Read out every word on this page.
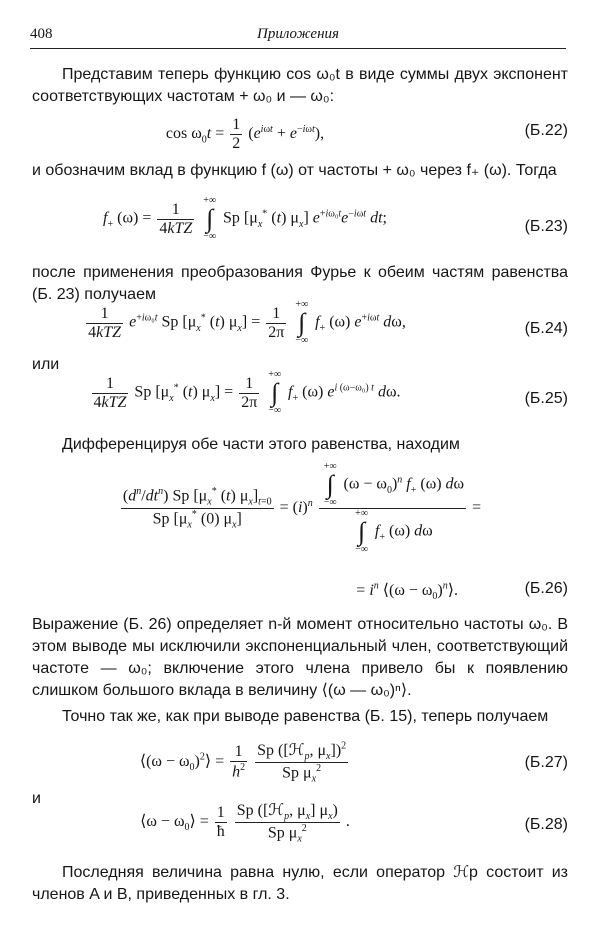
408	Приложения
Представим теперь функцию cos ω₀t в виде суммы двух экспонент соответствующих частотам + ω₀ и — ω₀:
$\cos \omega_0t = \frac{1}{2} (e^{i\omega t} + e^{-i\omega t})$,	(Б.22)
и обозначим вклад в функцию f (ω) от частоты + ω₀ через f₊ (ω). Тогда
$f_+$ $(\omega) = \frac{1}{\text{4kTZ}}$
+∞
∫
−∞
Sp [$\mu_x^*$ (t) $\mu_x$] $e^{+i\omega_0t}e^{-i\omega t}$ dt;	(Б.23)
после применения преобразования Фурье к обеим частям равенства (Б. 23) получаем
$\frac{1}{\text{4kTZ}} e^{+i\omega_0t}$ Sp [$\mu_x^*$ (t) $\mu_x] = \frac{1}{2\pi}$
+∞
∫
−∞
$f_+$ (ω) $e^{+i\omega t}$ dω,	(Б.24)
или
$\frac{1}{\text{4kTZ}}$ Sp [$\mu_x^*$ (t) $\mu_x] = \frac{1}{2\pi}$
+∞
∫
−∞
$f_+$ (ω) $e^{i (\omega-\omega_0) t}$ dω.	(Б.25)
Дифференцируя обе части этого равенства, находим
$\frac{(d^n/dt^n) Sp [\mu_x^* (t) \mu_x]_{t=0}}{Sp [\mu_x^* (0) \mu_x]} = (i)^n$ +∞
∫
−∞
$(\omega - \omega_0)^n$ $f_+$ (ω) dω
+∞
∫
−∞
$f_+$ (ω) dω =
= $i^n$ ⟨(ω − $\omega_0)^n⟩$.	(Б.26)
Выражение (Б. 26) определяет n-й момент относительно частоты ω₀. В этом выводе мы исключили экспоненциальный член, соответствующий частоте — ω₀; включение этого члена привело бы к появлению слишком большого вклада в величину ⟨(ω — ω₀)ⁿ⟩.
Точно так же, как при выводе равенства (Б. 15), теперь получаем
⟨(ω − $\omega_0)^2⟩ = \frac{1}{h^2}$
$\frac{Sp ([ℋ_p, \mu_x])^2}{Sp \mu_x^2}$	(Б.27)
и
⟨ω − $\omega_0⟩ = \frac{1}{ħ}$
$\frac{Sp ([ℋ_p, \mu_x] \mu_x)}{Sp \mu_x^2}$ .	(Б.28)
Последняя величина равна нулю, если оператор ℋp состоит из членов A и B, приведенных в гл. 3.
